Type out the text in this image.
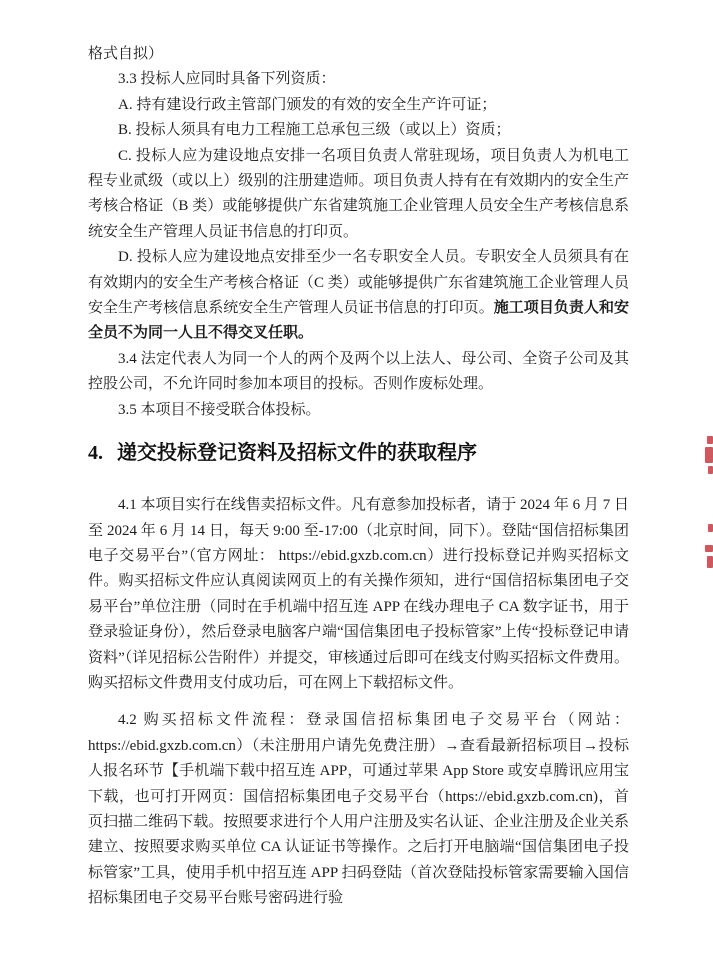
格式自拟）

3.3 投标人应同时具备下列资质：

A. 持有建设行政主管部门颁发的有效的安全生产许可证；

B. 投标人须具有电力工程施工总承包三级（或以上）资质；

C. 投标人应为建设地点安排一名项目负责人常驻现场，项目负责人为机电工程专业贰级（或以上）级别的注册建造师。项目负责人持有在有效期内的安全生产考核合格证（B 类）或能够提供广东省建筑施工企业管理人员安全生产考核信息系统安全生产管理人员证书信息的打印页。

D. 投标人应为建设地点安排至少一名专职安全人员。专职安全人员须具有在有效期内的安全生产考核合格证（C 类）或能够提供广东省建筑施工企业管理人员安全生产考核信息系统安全生产管理人员证书信息的打印页。施工项目负责人和安全员不为同一人且不得交叉任职。

3.4 法定代表人为同一个人的两个及两个以上法人、母公司、全资子公司及其控股公司，不允许同时参加本项目的投标。否则作废标处理。

3.5 本项目不接受联合体投标。

4. 递交投标登记资料及招标文件的获取程序

4.1 本项目实行在线售卖招标文件。凡有意参加投标者，请于 2024 年 6 月 7 日至 2024 年 6 月 14 日，每天 9:00 至-17:00（北京时间，同下）。登陆“国信招标集团电子交易平台”（官方网址： https://ebid.gxzb.com.cn）进行投标登记并购买招标文件。购买招标文件应认真阅读网页上的有关操作须知，进行“国信招标集团电子交易平台”单位注册（同时在手机端中招互连 APP 在线办理电子 CA 数字证书，用于登录验证身份），然后登录电脑客户端“国信集团电子投标管家”上传“投标登记申请资料”（详见招标公告附件）并提交，审核通过后即可在线支付购买招标文件费用。购买招标文件费用支付成功后，可在网上下载招标文件。

4.2 购买招标文件流程：登录国信招标集团电子交易平台（网站：https://ebid.gxzb.com.cn）（未注册用户请先免费注册）→查看最新招标项目→投标人报名环节【手机端下载中招互连 APP，可通过苹果 App Store 或安卓腾讯应用宝下载，也可打开网页：国信招标集团电子交易平台（https://ebid.gxzb.com.cn)，首页扫描二维码下载。按照要求进行个人用户注册及实名认证、企业注册及企业关系建立、按照要求购买单位 CA 认证证书等操作。之后打开电脑端“国信集团电子投标管家”工具，使用手机中招互连 APP 扫码登陆（首次登陆投标管家需要输入国信招标集团电子交易平台账号密码进行验
